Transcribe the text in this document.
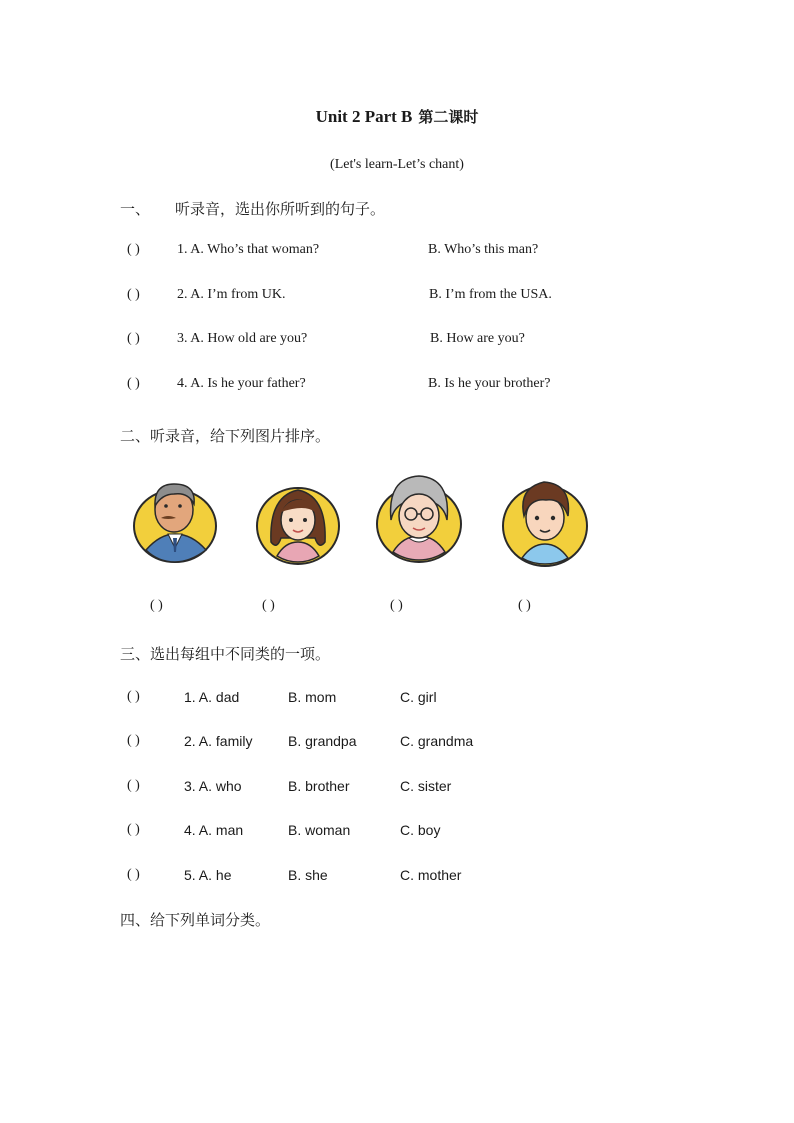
Unit 2 Part B 第二课时
(Let's learn-Let’s chant)
一、 听录音，选出你所听到的句子。
( )	1. A. Who’s that woman?	B. Who’s this man?
( )	2. A. I’m from UK.	B. I’m from the USA.
( )	3. A. How old are you?	B. How are you?
( )	4. A. Is he your father?	B. Is he your brother?
二、听录音，给下列图片排序。
( )	( )	( )	( )
三、选出每组中不同类的一项。
( )	1. A. dad	B. mom	C. girl
( )	2. A. family	B. grandpa	C. grandma
( )	3. A. who	B. brother	C. sister
( )	4. A. man	B. woman	C. boy
( )	5. A. he	B. she	C. mother
四、给下列单词分类。
